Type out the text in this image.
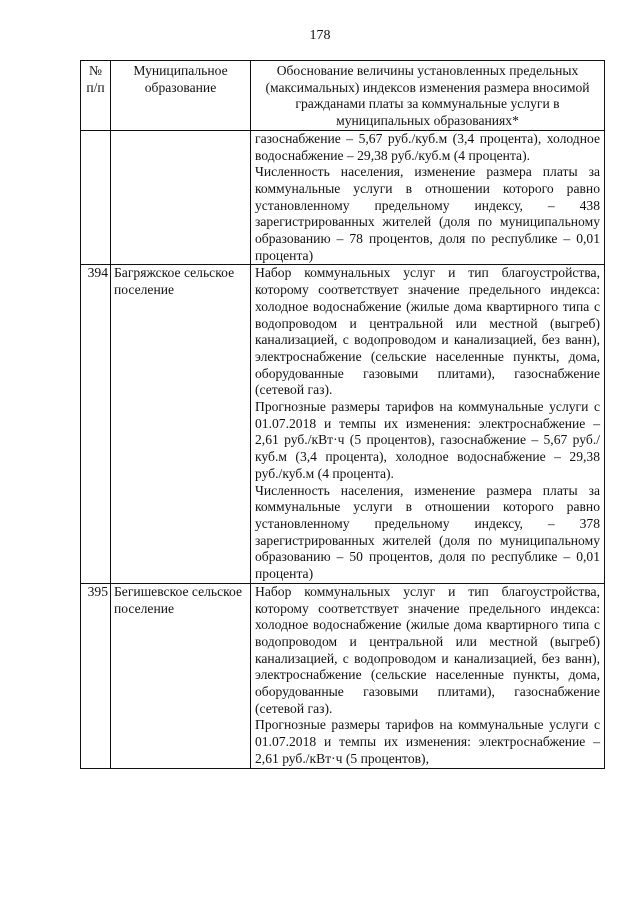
178
№ п/п	Муниципальное образование	Обоснование величины установленных предельных (максимальных) индексов изменения размера вносимой гражданами платы за коммунальные услуги в муниципальных образованиях*

		газоснабжение – 5,67 руб./куб.м (3,4 процента), холодное водоснабжение – 29,38 руб./куб.м (4 процента).

Численность населения, изменение размера платы за коммунальные услуги в отношении которого равно установленному предельному индексу, – 438 зарегистрированных жителей (доля по муниципальному образованию – 78 процентов, доля по республике – 0,01 процента)

394	Багряжское сельское поселение	Набор коммунальных услуг и тип благоустройства, которому соответствует значение предельного индекса: холодное водоснабжение (жилые дома квартирного типа с водопроводом и центральной или местной (выгреб) канализацией, с водопроводом и канализацией, без ванн), электроснабжение (сельские населенные пункты, дома, оборудованные газовыми плитами), газоснабжение (сетевой газ).

Прогнозные размеры тарифов на коммунальные услуги с 01.07.2018 и темпы их изменения: электроснабжение – 2,61 руб./кВт·ч (5 процентов), газоснабжение – 5,67 руб./куб.м (3,4 процента), холодное водоснабжение – 29,38 руб./куб.м (4 процента).

Численность населения, изменение размера платы за коммунальные услуги в отношении которого равно установленному предельному индексу, – 378 зарегистрированных жителей (доля по муниципальному образованию – 50 процентов, доля по республике – 0,01 процента)

395	Бегишевское сельское поселение	Набор коммунальных услуг и тип благоустройства, которому соответствует значение предельного индекса: холодное водоснабжение (жилые дома квартирного типа с водопроводом и центральной или местной (выгреб) канализацией, с водопроводом и канализацией, без ванн), электроснабжение (сельские населенные пункты, дома, оборудованные газовыми плитами), газоснабжение (сетевой газ).

Прогнозные размеры тарифов на коммунальные услуги с 01.07.2018 и темпы их изменения: электроснабжение – 2,61 руб./кВт·ч (5 процентов),
